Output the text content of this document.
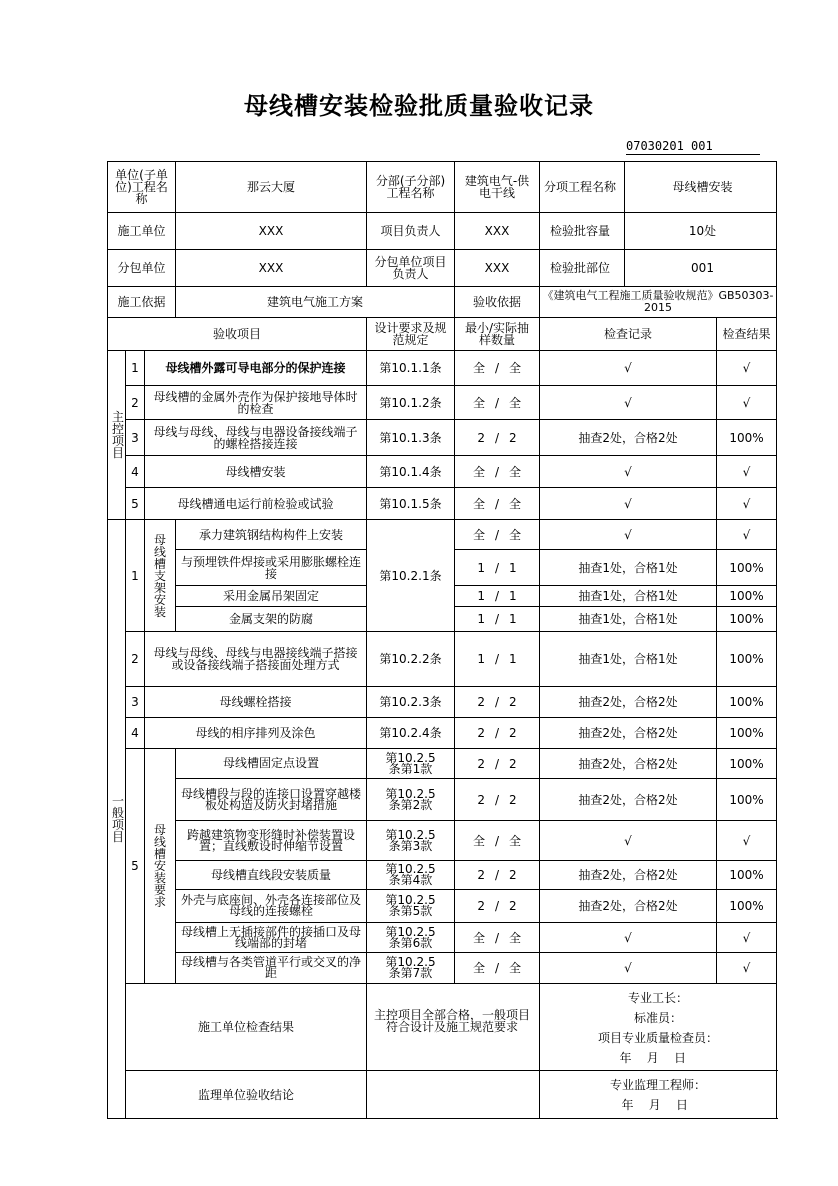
母线槽安装检验批质量验收记录
07030201 001
单位(子单位)工程名称			那云大厦	分部(子分部)工程名称	建筑电气-供电干线	分项工程名称 母线槽安装	

施工单位			XXX	项目负责人	XXX	检验批容量 10处	

分包单位			XXX	分包单位项目负责人	XXX	检验批部位 001	

施工依据			建筑电气施工方案		验收依据	《建筑电气工程施工质量验收规范》GB50303-2015	
验收项目				设计要求及规范规定	最小/实际抽样数量	检查记录	检查结果
主控项目	1	母线槽外露可导电部分的保护连接		第10.1.1条	全 / 全	√	√
	2	母线槽的金属外壳作为保护接地导体时的检查		第10.1.2条	全 / 全	√	√
	3	母线与母线、母线与电器设备接线端子的螺栓搭接连接		第10.1.3条	2 / 2	抽查2处，合格2处	100%
	4	母线槽安装		第10.1.4条	全 / 全	√	√
	5	母线槽通电运行前检验或试验		第10.1.5条	全 / 全	√	√
一般项目	1	母线槽支架安装	承力建筑钢结构构件上安装	第10.2.1条	全 / 全	√	√
			与预埋铁件焊接或采用膨胀螺栓连接		1 / 1	抽查1处，合格1处	100%
			采用金属吊架固定		1 / 1	抽查1处，合格1处	100%
			金属支架的防腐		1 / 1	抽查1处，合格1处	100%
	2	母线与母线、母线与电器接线端子搭接或设备接线端子搭接面处理方式		第10.2.2条	1 / 1	抽查1处，合格1处	100%
	3	母线螺栓搭接		第10.2.3条	2 / 2	抽查2处，合格2处	100%
	4	母线的相序排列及涂色		第10.2.4条	2 / 2	抽查2处，合格2处	100%
	5	母线槽安装要求	母线槽固定点设置	第10.2.5条第1款	2 / 2	抽查2处，合格2处	100%
			母线槽段与段的连接口设置穿越楼板处构造及防火封堵措施	第10.2.5条第2款	2 / 2	抽查2处，合格2处	100%
			跨越建筑物变形缝时补偿装置设置；直线敷设时伸缩节设置	第10.2.5条第3款	全 / 全	√	√
			母线槽直线段安装质量	第10.2.5条第4款	2 / 2	抽查2处，合格2处	100%
			外壳与底座间、外壳各连接部位及母线的连接螺栓	第10.2.5条第5款	2 / 2	抽查2处，合格2处	100%
			母线槽上无插接部件的接插口及母线端部的封堵	第10.2.5条第6款	全 / 全	√	√
			母线槽与各类管道平行或交叉的净距	第10.2.5条第7款	全 / 全	√	√
	施工单位检查结果			主控项目全部合格，一般项目符合设计及施工规范要求		专业工长：
标准员：
项目专业质量检查员：
年 月 日	

	监理单位验收结论					专业监理工程师：
年 月 日	
